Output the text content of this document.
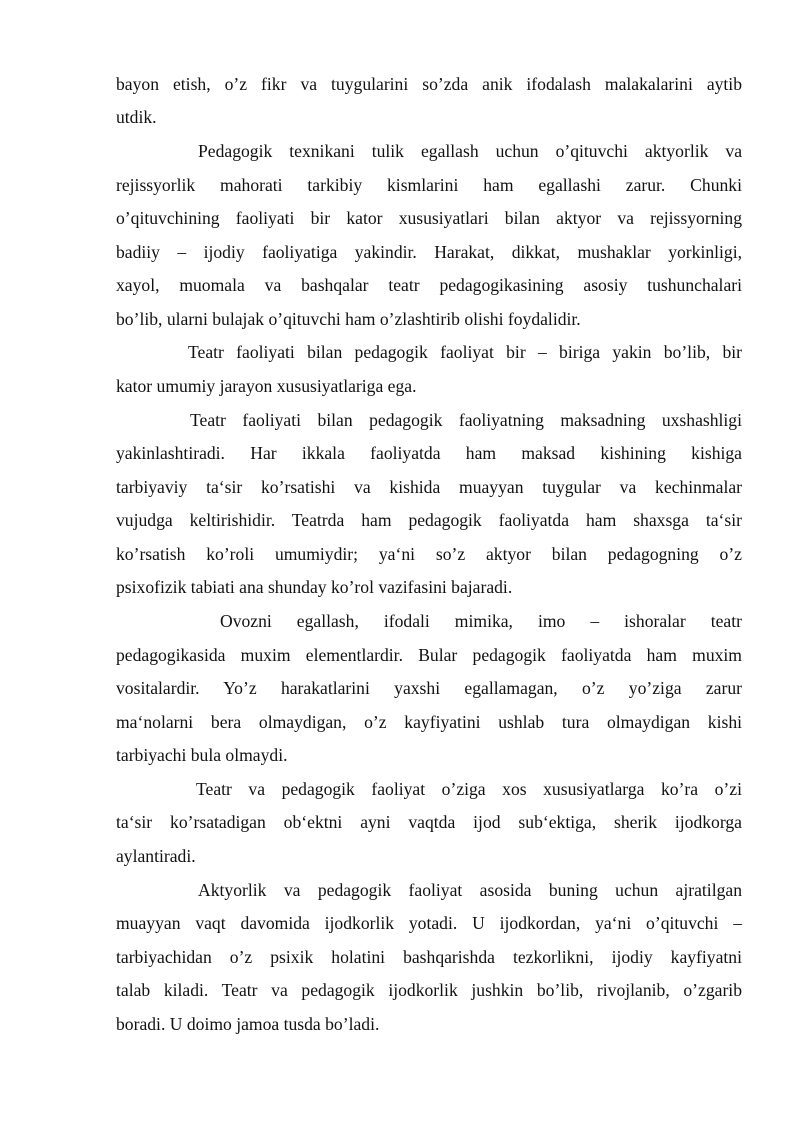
bayon etish, o’z fikr va tuygularini so’zda anik ifodalash malakalarini aytib
utdik.
Pedagogik texnikani tulik egallash uchun o’qituvchi aktyorlik va
rejissyorlik mahorati tarkibiy kismlarini ham egallashi zarur. Chunki
o’qituvchining faoliyati bir kator xususiyatlari bilan aktyor va rejissyorning
badiiy – ijodiy faoliyatiga yakindir. Harakat, dikkat, mushaklar yorkinligi,
xayol, muomala va bashqalar teatr pedagogikasining asosiy tushunchalari
bo’lib, ularni bulajak o’qituvchi ham o’zlashtirib olishi foydalidir.
Teatr faoliyati bilan pedagogik faoliyat bir – biriga yakin bo’lib, bir
kator umumiy jarayon xususiyatlariga ega.
Teatr faoliyati bilan pedagogik faoliyatning maksadning uxshashligi
yakinlashtiradi. Har ikkala faoliyatda ham maksad kishining kishiga
tarbiyaviy ta‘sir ko’rsatishi va kishida muayyan tuygular va kechinmalar
vujudga keltirishidir. Teatrda ham pedagogik faoliyatda ham shaxsga ta‘sir
ko’rsatish ko’roli umumiydir; ya‘ni so’z aktyor bilan pedagogning o’z
psixofizik tabiati ana shunday ko’rol vazifasini bajaradi.
Ovozni egallash, ifodali mimika, imo – ishoralar teatr
pedagogikasida muxim elementlardir. Bular pedagogik faoliyatda ham muxim
vositalardir. Yo’z harakatlarini yaxshi egallamagan, o’z yo’ziga zarur
ma‘nolarni bera olmaydigan, o’z kayfiyatini ushlab tura olmaydigan kishi
tarbiyachi bula olmaydi.
Teatr va pedagogik faoliyat o’ziga xos xususiyatlarga ko’ra o’zi
ta‘sir ko’rsatadigan ob‘ektni ayni vaqtda ijod sub‘ektiga, sherik ijodkorga
aylantiradi.
Aktyorlik va pedagogik faoliyat asosida buning uchun ajratilgan
muayyan vaqt davomida ijodkorlik yotadi. U ijodkordan, ya‘ni o’qituvchi –
tarbiyachidan o’z psixik holatini bashqarishda tezkorlikni, ijodiy kayfiyatni
talab kiladi. Teatr va pedagogik ijodkorlik jushkin bo’lib, rivojlanib, o’zgarib
boradi. U doimo jamoa tusda bo’ladi.
